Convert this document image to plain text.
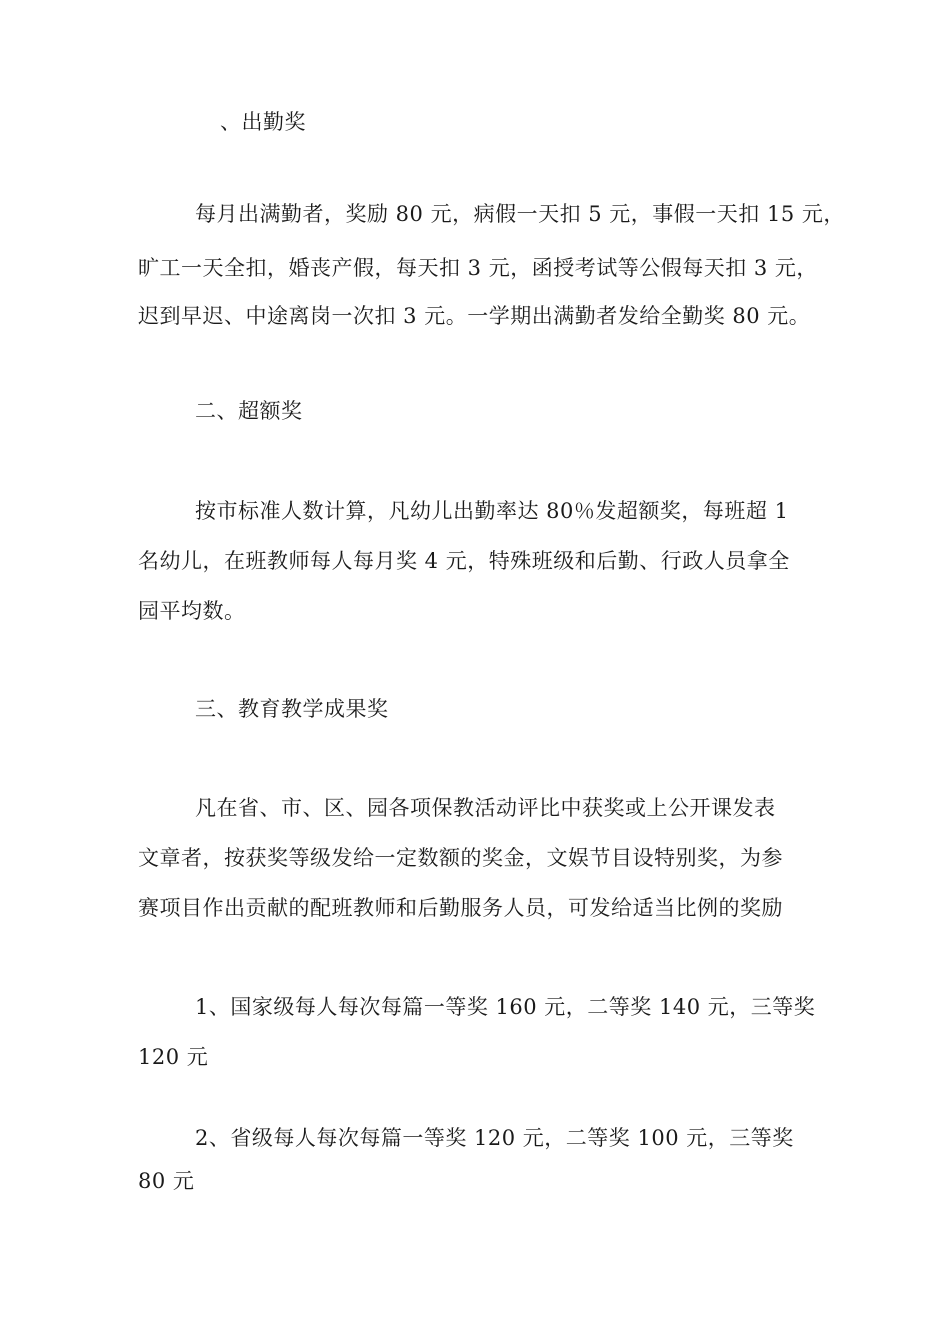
、出勤奖
每月出满勤者，奖励 80 元，病假一天扣 5 元，事假一天扣 15 元，
旷工一天全扣，婚丧产假，每天扣 3 元，函授考试等公假每天扣 3 元，
迟到早迟、中途离岗一次扣 3 元。一学期出满勤者发给全勤奖 80 元。
二、超额奖
按市标准人数计算，凡幼儿出勤率达 80％发超额奖，每班超 1
名幼儿，在班教师每人每月奖 4 元，特殊班级和后勤、行政人员拿全
园平均数。
三、教育教学成果奖
凡在省、市、区、园各项保教活动评比中获奖或上公开课发表
文章者，按获奖等级发给一定数额的奖金，文娱节目设特别奖，为参
赛项目作出贡献的配班教师和后勤服务人员，可发给适当比例的奖励
1、国家级每人每次每篇一等奖 160 元，二等奖 140 元，三等奖
120 元
2、省级每人每次每篇一等奖 120 元，二等奖 100 元，三等奖
80 元
